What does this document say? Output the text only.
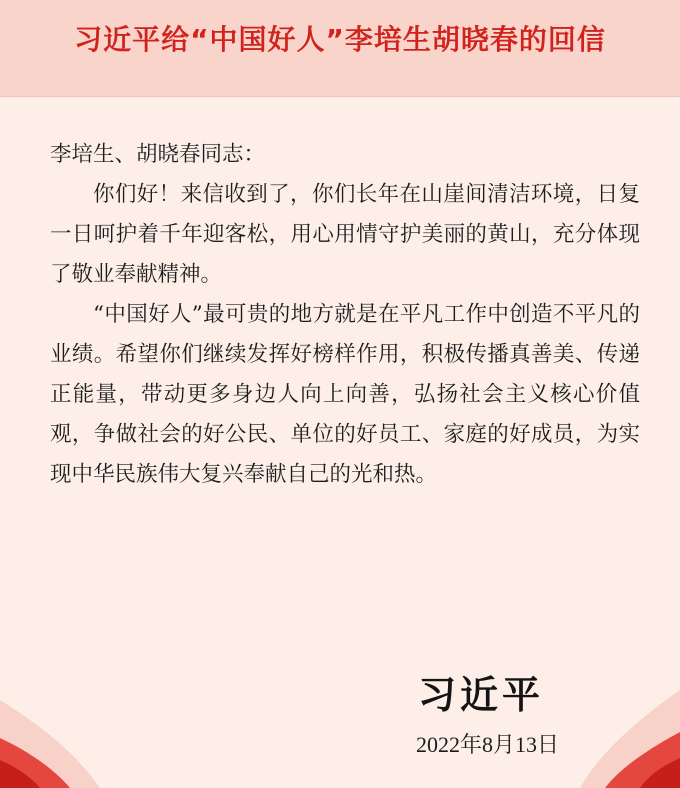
习近平给“中国好人”李培生胡晓春的回信

李培生、胡晓春同志：

你们好！来信收到了，你们长年在山崖间清洁环境，日复一日呵护着千年迎客松，用心用情守护美丽的黄山，充分体现了敬业奉献精神。

“中国好人”最可贵的地方就是在平凡工作中创造不平凡的业绩。希望你们继续发挥好榜样作用，积极传播真善美、传递正能量，带动更多身边人向上向善，弘扬社会主义核心价值观，争做社会的好公民、单位的好员工、家庭的好成员，为实现中华民族伟大复兴奉献自己的光和热。

习近平
2022年8月13日
